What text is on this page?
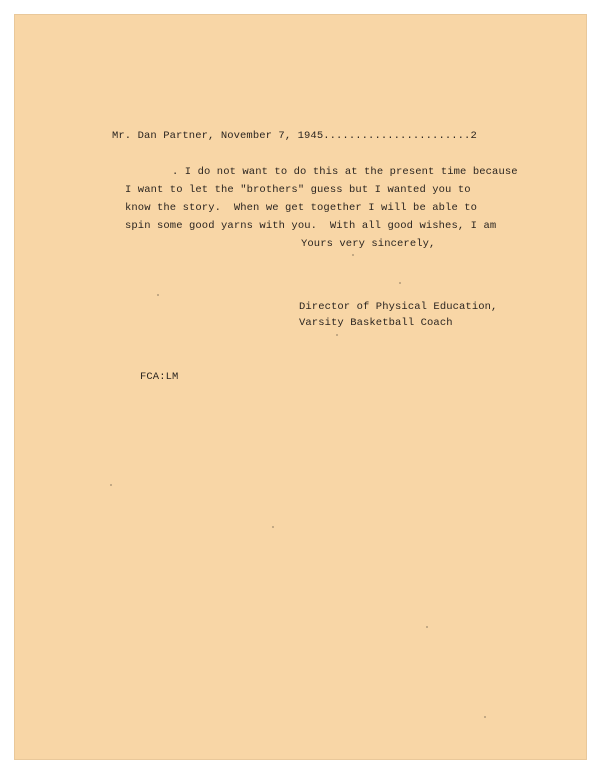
Mr. Dan Partner, November 7, 1945.......................2
. I do not want to do this at the present time because
I want to let the "brothers" guess but I wanted you to
know the story.  When we get together I will be able to
spin some good yarns with you.  With all good wishes, I am
Yours very sincerely,
Director of Physical Education,
Varsity Basketball Coach
FCA:LM
